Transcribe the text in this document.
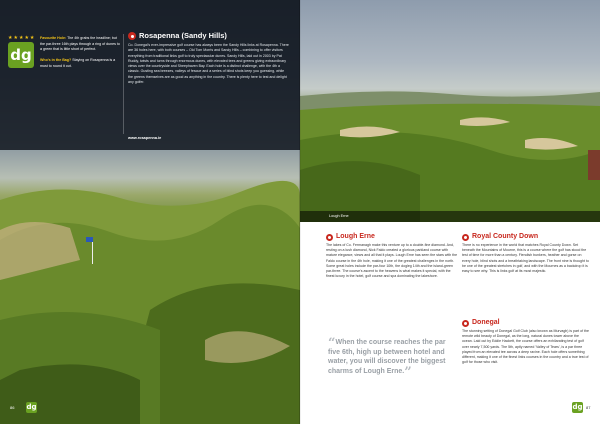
★★★★★
dg
Favourite Hole: The 4th grabs the headline; but the par-three 16th plays through a ring of dunes to a green that is little short of perfect.

Who's in the Bag? Staying on Rosapenna is a must to round it out.
Rosapenna (Sandy Hills)
Co. Donegal's ever-impressive golf course has always been the Sandy Hills links at Rosapenna. There are 36 holes here, with both courses – Old Tom Morris and Sandy Hills – combining to offer visitors everything from traditional links golf to truly spectacular dunes. Sandy Hills, laid out in 2003 by Pat Ruddy, twists and turns through enormous dunes, with elevated tees and greens giving extraordinary views over the countryside and Sheephaven Bay. Each hole is a distinct challenge, with the 4th a classic. Gusting sea breezes, valleys of fescue and a series of blind shots keep you guessing, while the greens themselves are as good as anything in the country. There is plenty here to test and delight any golfer.
www.rosapenna.ie
86 dg
Lough Erne
Lough Erne
The lakes of Co. Fermanagh make this venture up to a double-fine diamond. And, resting on a lush diamond, Nick Faldo created a glorious parkland course with mature elegance, views and all that it plays. Lough Erne has seen the stars with the Faldo course in the 4th hole, making it one of the greatest challenges in the north. Some great holes include the par-four 10th, the dogleg 14th and the island-green par-three. The course's ascent to the heavens is what makes it special, with the finest luxury in the hotel, golf course and spa dominating the lakeshore.
Royal County Down
There is no experience in the world that matches Royal County Down. Set beneath the Mountains of Mourne, this is a course where the golf has stood the test of time for more than a century. Fiendish bunkers, heather and gorse on every hole, blind shots and a breathtaking landscape. The front nine is thought to be one of the greatest stretches in golf, and with the Mournes as a backdrop it is easy to see why. This is links golf at its most majestic.
Donegal
The stunning setting of Donegal Golf Club (also known as Murvagh) is part of the remote wild beauty of Donegal, as the long, natural dunes tower above the ocean. Laid out by Eddie Hackett, the course offers an exhilarating test of golf over nearly 7,500 yards. The 5th, aptly named 'Valley of Tears', is a par three played from an elevated tee across a deep ravine. Each hole offers something different, making it one of the finest links courses in the country and a true test of golf for those who visit.
“When the course reaches the par five 6th, high up between hotel and water, you will discover the biggest charms of Lough Erne.”
dg 87
